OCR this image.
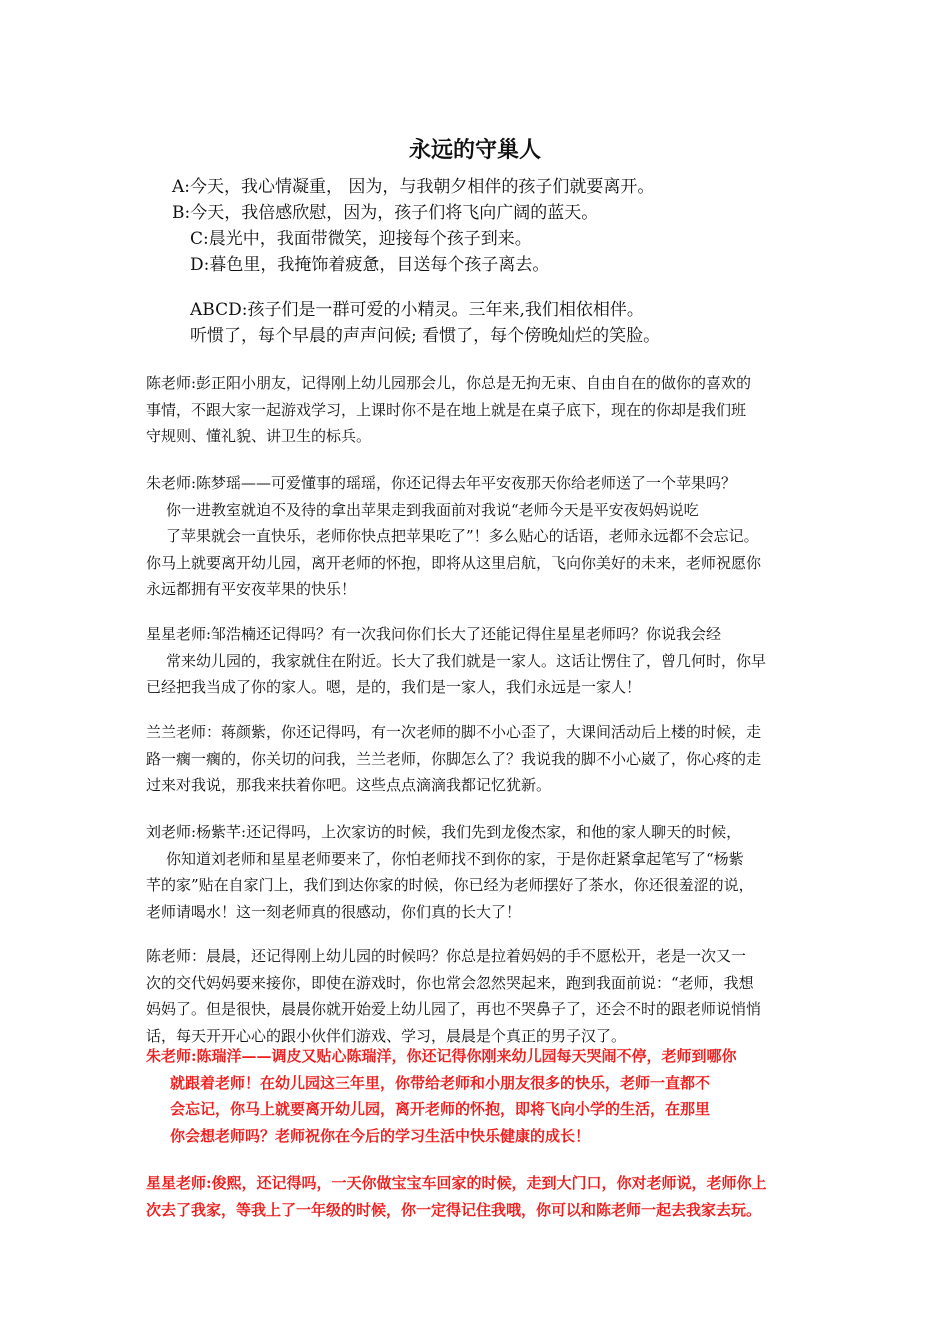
永远的守巢人
A:今天，我心情凝重， 因为，与我朝夕相伴的孩子们就要离开。
B:今天，我倍感欣慰，因为，孩子们将飞向广阔的蓝天。
C:晨光中，我面带微笑，迎接每个孩子到来。
D:暮色里，我掩饰着疲惫，目送每个孩子离去。
ABCD:孩子们是一群可爱的小精灵。三年来,我们相依相伴。
听惯了，每个早晨的声声问候; 看惯了，每个傍晚灿烂的笑脸。
陈老师:彭正阳小朋友，记得刚上幼儿园那会儿，你总是无拘无束、自由自在的做你的喜欢的
事情，不跟大家一起游戏学习，上课时你不是在地上就是在桌子底下，现在的你却是我们班
守规则、懂礼貌、讲卫生的标兵。
朱老师:陈梦瑶——可爱懂事的瑶瑶，你还记得去年平安夜那天你给老师送了一个苹果吗？
你一进教室就迫不及待的拿出苹果走到我面前对我说“老师今天是平安夜妈妈说吃
了苹果就会一直快乐，老师你快点把苹果吃了”！多么贴心的话语，老师永远都不会忘记。
你马上就要离开幼儿园，离开老师的怀抱，即将从这里启航，飞向你美好的未来，老师祝愿你
永远都拥有平安夜苹果的快乐！
星星老师:邹浩楠还记得吗？有一次我问你们长大了还能记得住星星老师吗？你说我会经
常来幼儿园的，我家就住在附近。长大了我们就是一家人。这话让愣住了，曾几何时，你早
已经把我当成了你的家人。嗯，是的，我们是一家人，我们永远是一家人！
兰兰老师：蒋颜紫，你还记得吗，有一次老师的脚不小心歪了，大课间活动后上楼的时候，走
路一瘸一瘸的，你关切的问我，兰兰老师，你脚怎么了？我说我的脚不小心崴了，你心疼的走
过来对我说，那我来扶着你吧。这些点点滴滴我都记忆犹新。
刘老师:杨紫芊:还记得吗，上次家访的时候，我们先到龙俊杰家，和他的家人聊天的时候，
你知道刘老师和星星老师要来了，你怕老师找不到你的家，于是你赶紧拿起笔写了“杨紫
芊的家”贴在自家门上，我们到达你家的时候，你已经为老师摆好了茶水，你还很羞涩的说，
老师请喝水！这一刻老师真的很感动，你们真的长大了！
陈老师：晨晨，还记得刚上幼儿园的时候吗？你总是拉着妈妈的手不愿松开，老是一次又一
次的交代妈妈要来接你，即使在游戏时，你也常会忽然哭起来，跑到我面前说：“老师，我想
妈妈了。但是很快，晨晨你就开始爱上幼儿园了，再也不哭鼻子了，还会不时的跟老师说悄悄
话，每天开开心心的跟小伙伴们游戏、学习，晨晨是个真正的男子汉了。
朱老师:陈瑞洋——调皮又贴心陈瑞洋，你还记得你刚来幼儿园每天哭闹不停，老师到哪你
就跟着老师！在幼儿园这三年里，你带给老师和小朋友很多的快乐，老师一直都不
会忘记，你马上就要离开幼儿园，离开老师的怀抱，即将飞向小学的生活，在那里
你会想老师吗？老师祝你在今后的学习生活中快乐健康的成长！
星星老师:俊熙，还记得吗，一天你做宝宝车回家的时候，走到大门口，你对老师说，老师你上
次去了我家，等我上了一年级的时候，你一定得记住我哦，你可以和陈老师一起去我家去玩。
